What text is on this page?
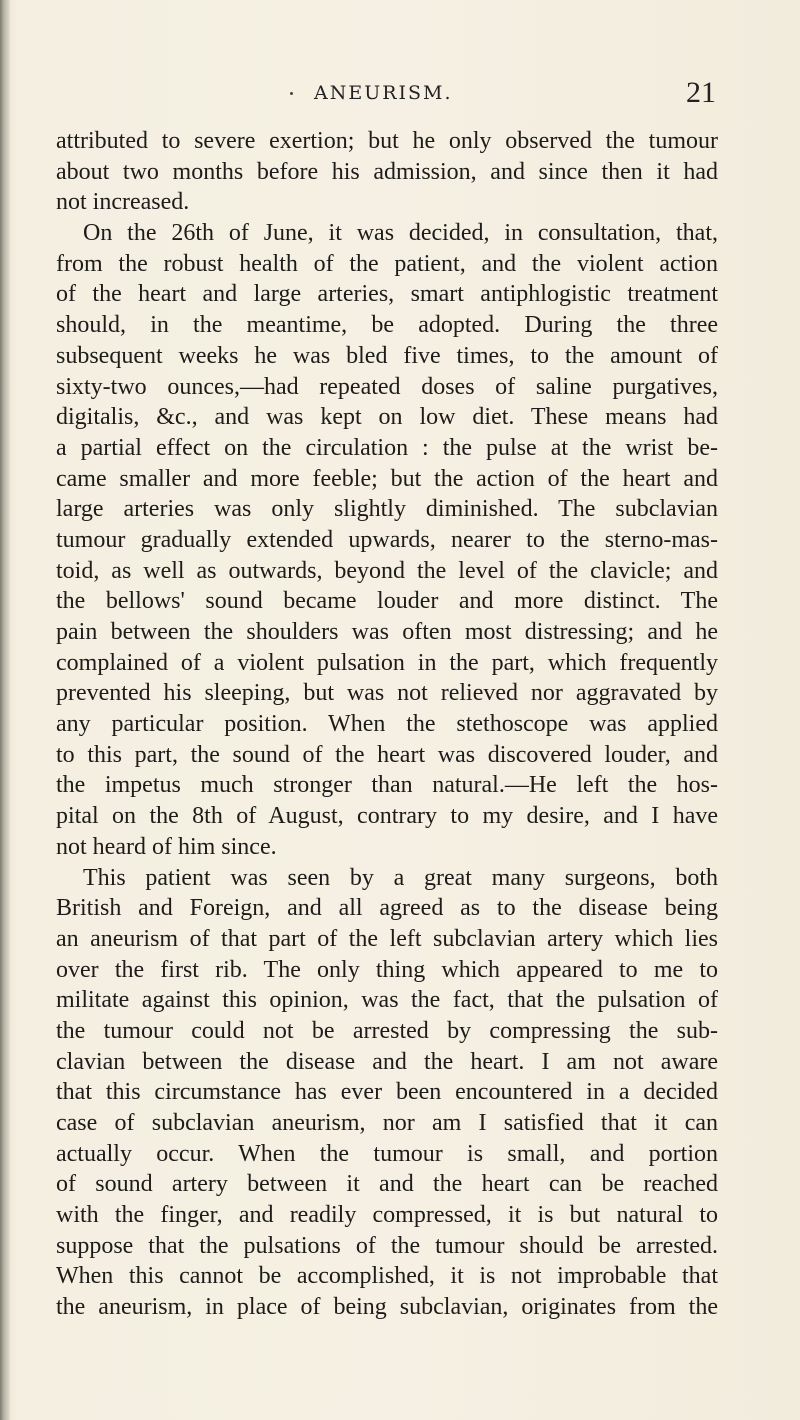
ANEURISM.	21
attributed to severe exertion; but he only observed the tumour
about two months before his admission, and since then it had
not increased.
On the 26th of June, it was decided, in consultation, that,
from the robust health of the patient, and the violent action
of the heart and large arteries, smart antiphlogistic treatment
should, in the meantime, be adopted. During the three
subsequent weeks he was bled five times, to the amount of
sixty-two ounces,—had repeated doses of saline purgatives,
digitalis, &c., and was kept on low diet. These means had
a partial effect on the circulation : the pulse at the wrist be-
came smaller and more feeble; but the action of the heart and
large arteries was only slightly diminished. The subclavian
tumour gradually extended upwards, nearer to the sterno-mas-
toid, as well as outwards, beyond the level of the clavicle; and
the bellows' sound became louder and more distinct. The
pain between the shoulders was often most distressing; and he
complained of a violent pulsation in the part, which frequently
prevented his sleeping, but was not relieved nor aggravated by
any particular position. When the stethoscope was applied
to this part, the sound of the heart was discovered louder, and
the impetus much stronger than natural.—He left the hos-
pital on the 8th of August, contrary to my desire, and I have
not heard of him since.
This patient was seen by a great many surgeons, both
British and Foreign, and all agreed as to the disease being
an aneurism of that part of the left subclavian artery which lies
over the first rib. The only thing which appeared to me to
militate against this opinion, was the fact, that the pulsation of
the tumour could not be arrested by compressing the sub-
clavian between the disease and the heart. I am not aware
that this circumstance has ever been encountered in a decided
case of subclavian aneurism, nor am I satisfied that it can
actually occur. When the tumour is small, and portion
of sound artery between it and the heart can be reached
with the finger, and readily compressed, it is but natural to
suppose that the pulsations of the tumour should be arrested.
When this cannot be accomplished, it is not improbable that
the aneurism, in place of being subclavian, originates from the
